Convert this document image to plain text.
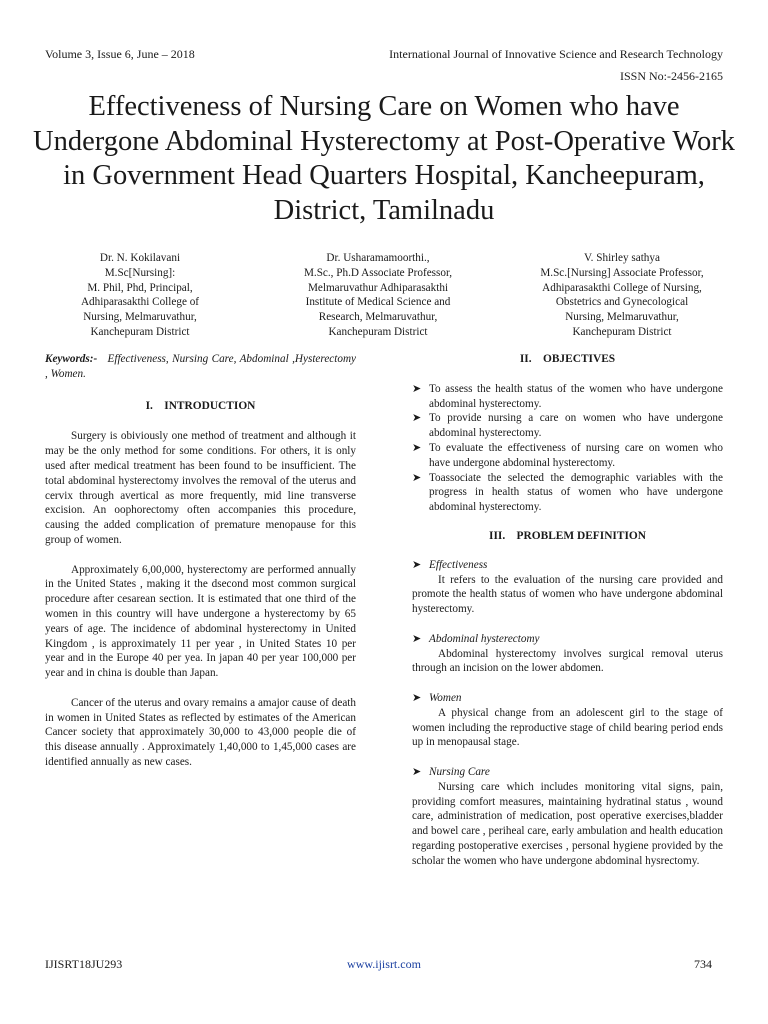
Volume 3, Issue 6, June – 2018	International Journal of Innovative Science and Research Technology
ISSN No:-2456-2165
Effectiveness of Nursing Care on Women who have Undergone Abdominal Hysterectomy at Post-Operative Work in Government Head Quarters Hospital, Kancheepuram, District, Tamilnadu
Dr. N. Kokilavani
M.Sc[Nursing]:
M. Phil, Phd, Principal,
Adhiparasakthi College of
Nursing, Melmaruvathur,
Kanchepuram District
Dr. Usharamamoorthi.,
M.Sc., Ph.D Associate Professor,
Melmaruvathur Adhiparasakthi
Institute of Medical Science and
Research, Melmaruvathur,
Kanchepuram District
V. Shirley sathya
M.Sc.[Nursing] Associate Professor,
Adhiparasakthi College of Nursing,
Obstetrics and Gynecological
Nursing, Melmaruvathur,
Kanchepuram District

Keywords:- Effectiveness, Nursing Care, Abdominal ,Hysterectomy , Women.

I.    INTRODUCTION

Surgery is obiviously one method of treatment and although it may be the only method for some conditions. For others, it is only used after medical treatment has been found to be insufficient. The total abdominal hysterectomy involves the removal of the uterus and cervix through avertical as more frequently, mid line transverse excision. An oophorectomy often accompanies this procedure, causing the added complication of premature menopause for this group of women.

Approximately 6,00,000, hysterectomy are performed annually in the United States , making it the dsecond most common surgical procedure after cesarean section. It is estimated that one third of the women in this country will have undergone a hysterectomy by 65 years of age. The incidence of abdominal hysterectomy in United Kingdom , is approximately 11 per year , in United States 10 per year and in the Europe 40 per yea. In japan 40 per year 100,000 per year and in china is double than Japan.

Cancer of the uterus and ovary remains a amajor cause of death in women in United States as reflected by estimates of the American Cancer society that approximately 30,000 to 43,000 people die of this disease annually . Approximately 1,40,000 to 1,45,000 cases are identified annually as new cases.

II.    OBJECTIVES
➤ To assess the health status of the women who have undergone abdominal hysterectomy.
➤ To provide nursing a care on women who have undergone abdominal hysterectomy.
➤ To evaluate the effectiveness of nursing care on women who have undergone abdominal hysterectomy.
➤ Toassociate the selected the demographic variables with the progress in health status of women who have undergone abdominal hysterectomy.
III.    PROBLEM DEFINITION
➤ Effectiveness

It refers to the evaluation of the nursing care provided and promote the health status of women who have undergone abdominal hysterectomy.

➤ Abdominal hysterectomy

Abdominal hysterectomy involves surgical removal uterus through an incision on the lower abdomen.

➤ Women

A physical change from an adolescent girl to the stage of women including the reproductive stage of child bearing period ends up in menopausal stage.

➤ Nursing Care

Nursing care which includes monitoring vital signs, pain, providing comfort measures, maintaining hydratinal status , wound care, administration of medication, post operative exercises,bladder and bowel care , periheal care, early ambulation and health education regarding postoperative exercises , personal hygiene provided by the scholar the women who have undergone abdominal hysrectomy.

IJISRT18JU293	www.ijisrt.com	734
